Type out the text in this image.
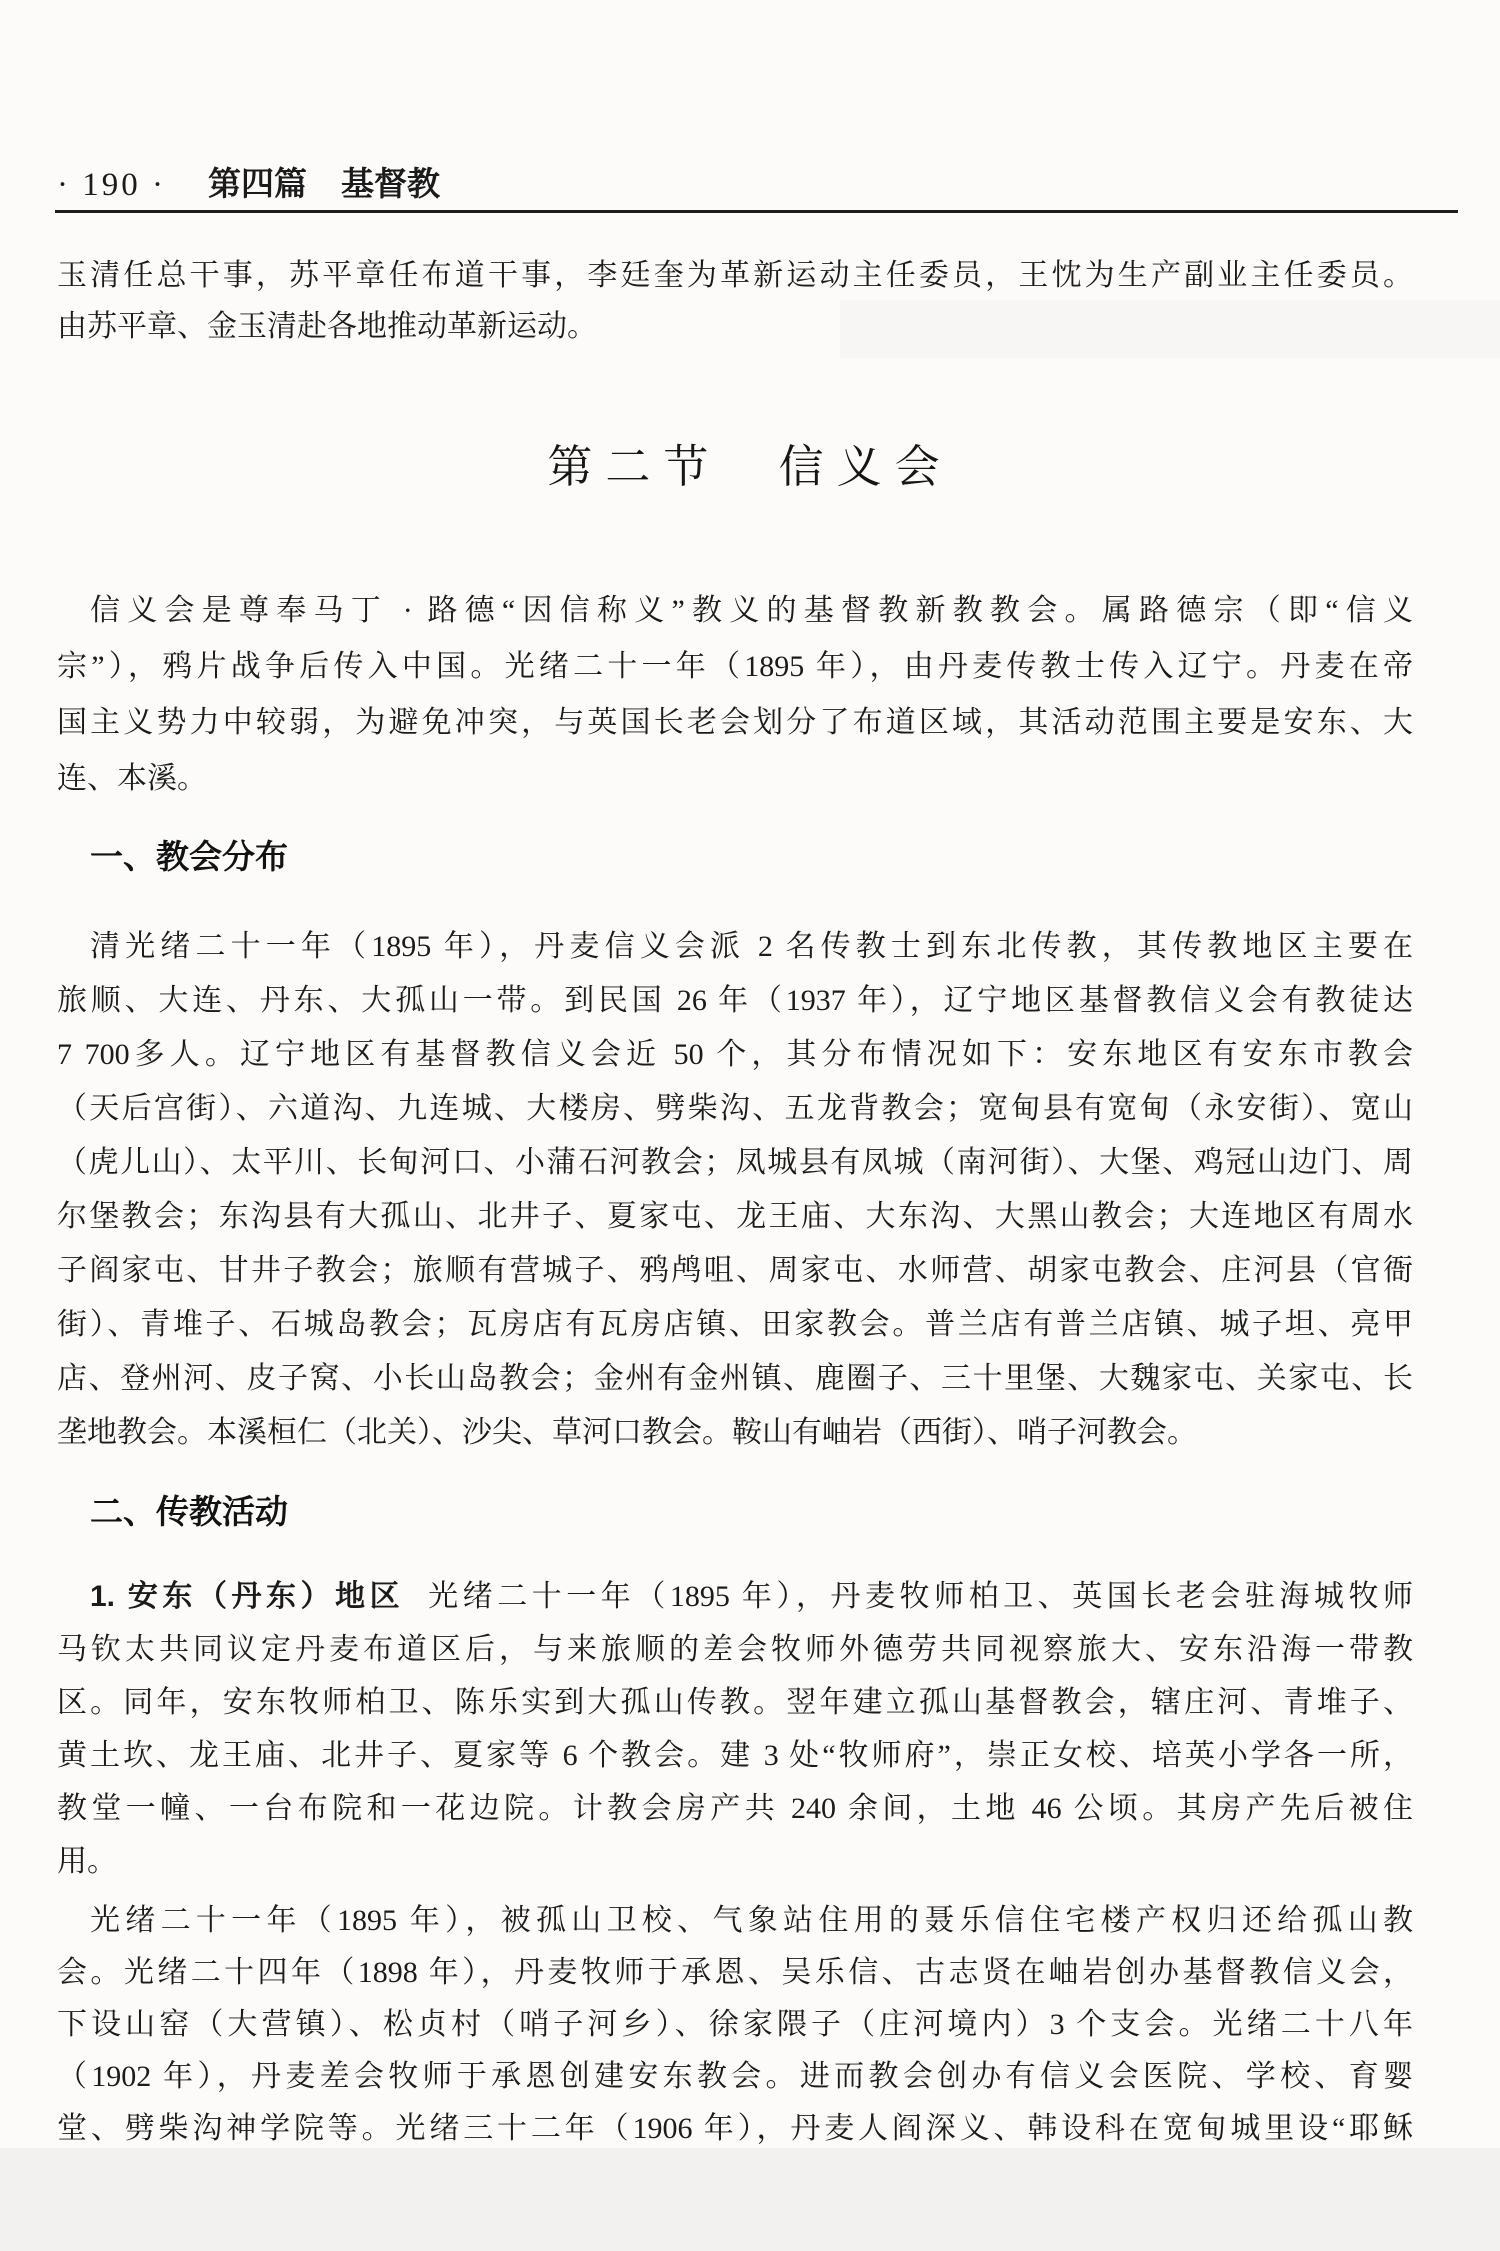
· 190 · 第四篇 基督教
玉清任总干事，苏平章任布道干事，李廷奎为革新运动主任委员，王忱为生产副业主任委员。
由苏平章、金玉清赴各地推动革新运动。
第二节 信义会
信义会是尊奉马丁 · 路德“因信称义”教义的基督教新教教会。属路德宗（即“信义
宗”），鸦片战争后传入中国。光绪二十一年（1895 年），由丹麦传教士传入辽宁。丹麦在帝
国主义势力中较弱，为避免冲突，与英国长老会划分了布道区域，其活动范围主要是安东、大
连、本溪。
一、教会分布
清光绪二十一年（1895 年），丹麦信义会派 2 名传教士到东北传教，其传教地区主要在
旅顺、大连、丹东、大孤山一带。到民国 26 年（1937 年），辽宁地区基督教信义会有教徒达
7 700多人。辽宁地区有基督教信义会近 50 个，其分布情况如下：安东地区有安东市教会
（天后宫街）、六道沟、九连城、大楼房、劈柴沟、五龙背教会；宽甸县有宽甸（永安街）、宽山
（虎儿山）、太平川、长甸河口、小蒲石河教会；凤城县有凤城（南河街）、大堡、鸡冠山边门、周
尔堡教会；东沟县有大孤山、北井子、夏家屯、龙王庙、大东沟、大黑山教会；大连地区有周水
子阎家屯、甘井子教会；旅顺有营城子、鸦鸬咀、周家屯、水师营、胡家屯教会、庄河县（官衙
街）、青堆子、石城岛教会；瓦房店有瓦房店镇、田家教会。普兰店有普兰店镇、城子坦、亮甲
店、登州河、皮子窝、小长山岛教会；金州有金州镇、鹿圈子、三十里堡、大魏家屯、关家屯、长
垄地教会。本溪桓仁（北关）、沙尖、草河口教会。鞍山有岫岩（西街）、哨子河教会。
二、传教活动
1. 安东（丹东）地区 光绪二十一年（1895 年），丹麦牧师柏卫、英国长老会驻海城牧师
马钦太共同议定丹麦布道区后，与来旅顺的差会牧师外德劳共同视察旅大、安东沿海一带教
区。同年，安东牧师柏卫、陈乐实到大孤山传教。翌年建立孤山基督教会，辖庄河、青堆子、
黄土坎、龙王庙、北井子、夏家等 6 个教会。建 3 处“牧师府”，崇正女校、培英小学各一所，
教堂一幢、一台布院和一花边院。计教会房产共 240 余间，土地 46 公顷。其房产先后被住
用。
光绪二十一年（1895 年），被孤山卫校、气象站住用的聂乐信住宅楼产权归还给孤山教
会。光绪二十四年（1898 年），丹麦牧师于承恩、吴乐信、古志贤在岫岩创办基督教信义会，
下设山窑（大营镇）、松贞村（哨子河乡）、徐家隈子（庄河境内）3 个支会。光绪二十八年
（1902 年），丹麦差会牧师于承恩创建安东教会。进而教会创办有信义会医院、学校、育婴
堂、劈柴沟神学院等。光绪三十二年（1906 年），丹麦人阎深义、韩设科在宽甸城里设“耶稣
